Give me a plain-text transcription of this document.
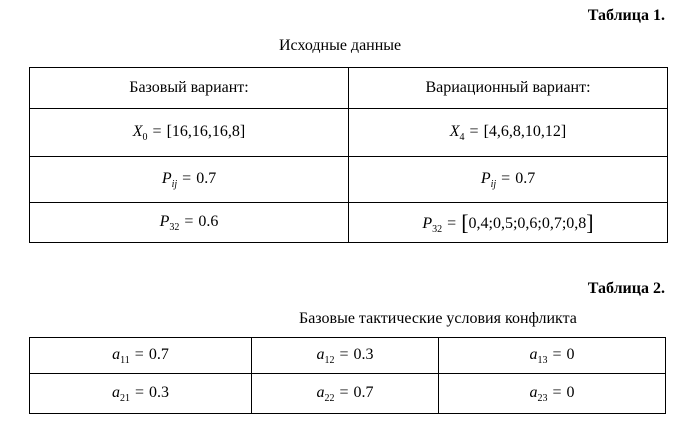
Таблица 1.
Исходные данные
Базовый вариант:	Вариационный вариант:
$X_0 = [16,16,16,8]$	$X_4 = [4,6,8,10,12]$
$P_{ij} = 0.7$	$P_{ij} = 0.7$
$P_{32} = 0.6$	$P_{32}$ = [0,4;0,5;0,6;0,7;0,8]
Таблица 2.
Базовые тактические условия конфликта
$a_{11} = 0.7$	$a_{12} = 0.3$	$a_{13} = 0$
$a_{21} = 0.3$	$a_{22} = 0.7$	$a_{23} = 0$
